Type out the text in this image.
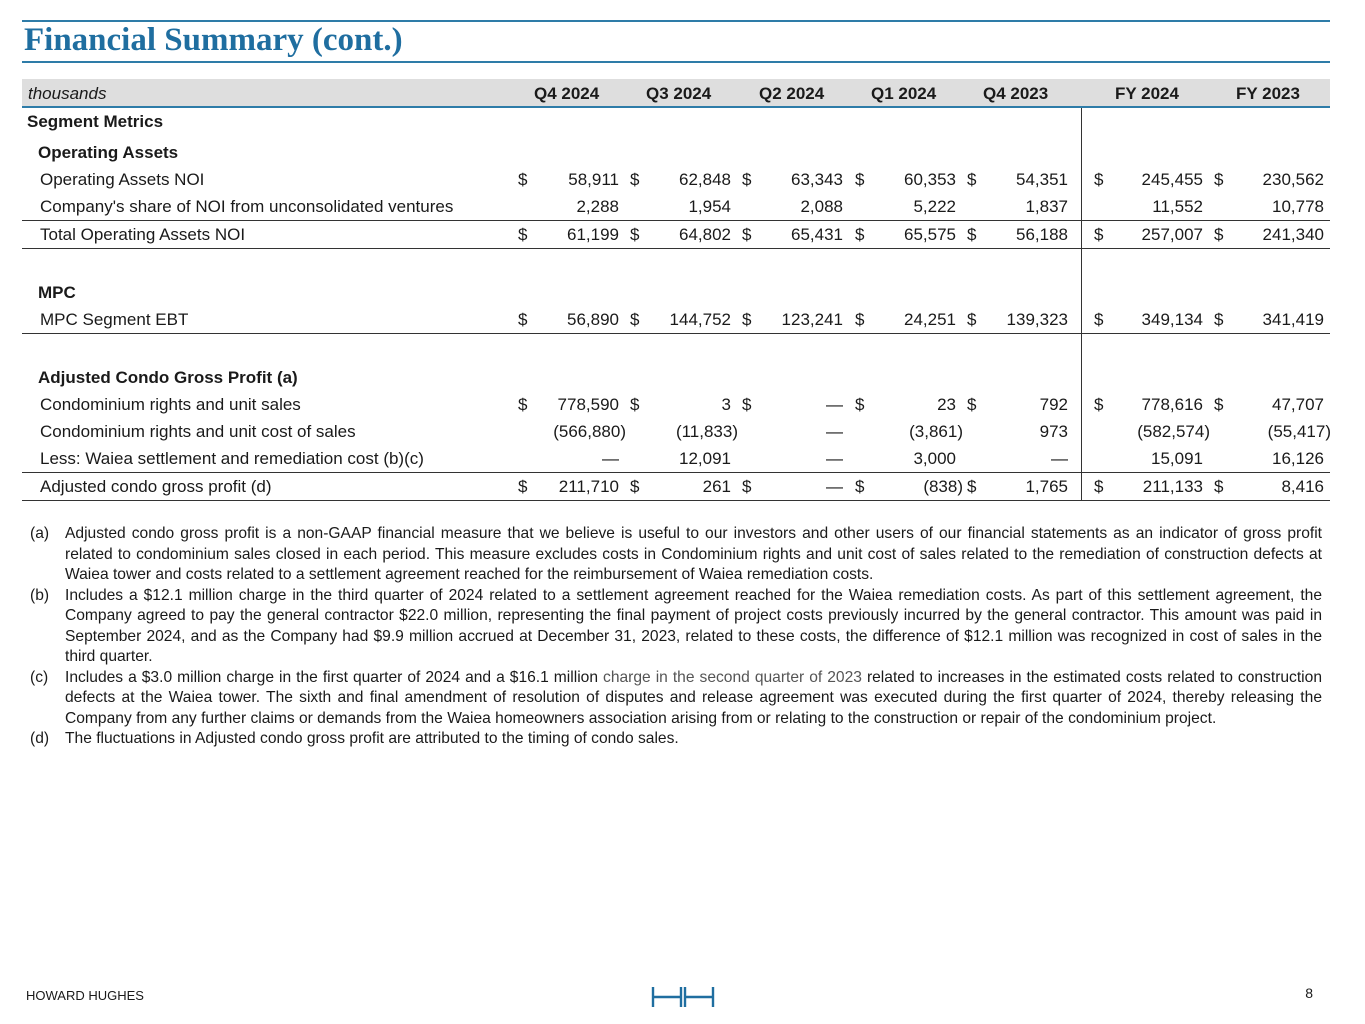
Financial Summary (cont.)
thousands	Q4 2024	Q3 2024	Q2 2024	Q1 2024	Q4 2023	FY 2024	FY 2023
Segment Metrics
Operating Assets
Operating Assets NOI	$ 58,911 $ 62,848 $ 63,343 $ 60,353 $ 54,351 $ 245,455 $ 230,562
Company's share of NOI from unconsolidated ventures	2,288	1,954	2,088	5,222	1,837	11,552	10,778
Total Operating Assets NOI	$ 61,199 $ 64,802 $ 65,431 $ 65,575 $ 56,188 $ 257,007 $ 241,340
MPC
MPC Segment EBT	$ 56,890 $ 144,752 $ 123,241 $ 24,251 $ 139,323 $ 349,134 $ 341,419
Adjusted Condo Gross Profit (a)
Condominium rights and unit sales	$ 778,590 $	3 $	— $	23 $	792 $ 778,616 $	47,707
Condominium rights and unit cost of sales	(566,880)	(11,833)	—	(3,861)	973	(582,574)	(55,417)
Less: Waiea settlement and remediation cost (b)(c)	—	12,091	—	3,000	—	15,091	16,126
Adjusted condo gross profit (d)	$ 211,710 $	261 $	— $	(838) $	1,765 $ 211,133 $	8,416
(a)	Adjusted condo gross profit is a non-GAAP financial measure that we believe is useful to our investors and other users of our financial statements as an indicator of gross profit related to condominium sales closed in each period. This measure excludes costs in Condominium rights and unit cost of sales related to the remediation of construction defects at Waiea tower and costs related to a settlement agreement reached for the reimbursement of Waiea remediation costs.
(b)	Includes a $12.1 million charge in the third quarter of 2024 related to a settlement agreement reached for the Waiea remediation costs. As part of this settlement agreement, the Company agreed to pay the general contractor $22.0 million, representing the final payment of project costs previously incurred by the general contractor. This amount was paid in September 2024, and as the Company had $9.9 million accrued at December 31, 2023, related to these costs, the difference of $12.1 million was recognized in cost of sales in the third quarter.
(c)	Includes a $3.0 million charge in the first quarter of 2024 and a $16.1 million charge in the second quarter of 2023 related to increases in the estimated costs related to construction defects at the Waiea tower. The sixth and final amendment of resolution of disputes and release agreement was executed during the first quarter of 2024, thereby releasing the Company from any further claims or demands from the Waiea homeowners association arising from or relating to the construction or repair of the condominium project.
(d)	The fluctuations in Adjusted condo gross profit are attributed to the timing of condo sales.
HOWARD HUGHES	8
